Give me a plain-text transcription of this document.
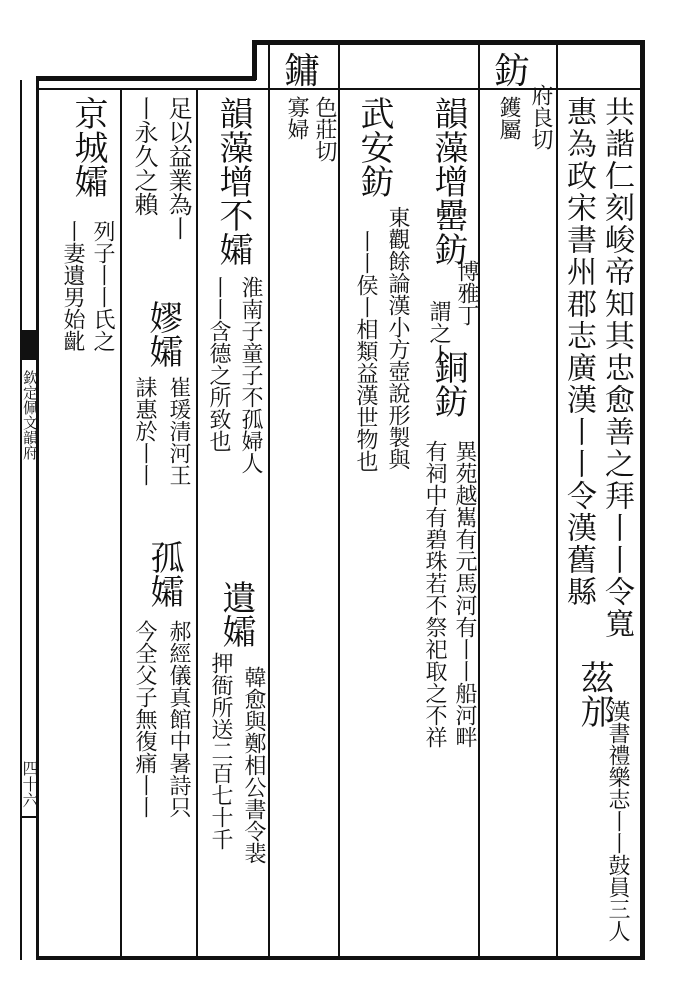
欽定佩文韻府
四十六
共諧仁刻峻帝知其忠愈善之拜丨丨令寬
惠為政宋書州郡志廣漢丨丨令漢舊縣
茲邡
漢書禮樂志丨丨鼓員三人
鈁
府良切
鑊屬
韻藻增罍鈁
博雅丁
謂之丨
銅鈁
異苑越嶲有元馬河有丨丨船河畔
有祠中有碧珠若不祭祀取之不祥
武安鈁
東觀餘論漢小方壺說形製與
丨丨侯丨相類益漢世物也
鏞
色莊切
寡婦
韻藻增不孀
淮南子童子不孤婦人
丨丨含德之所致也
遺孀
韓愈與鄭相公書令裴
押衙所送二百七十千
足以益業為丨
丨永久之賴
嫪孀
崔瑗清河王
誄惠於丨丨
孤孀
郝經儀真館中暑詩只
今全父子無復痛丨丨
京城孀
列子丨丨氏之
丨妻遺男始齔
